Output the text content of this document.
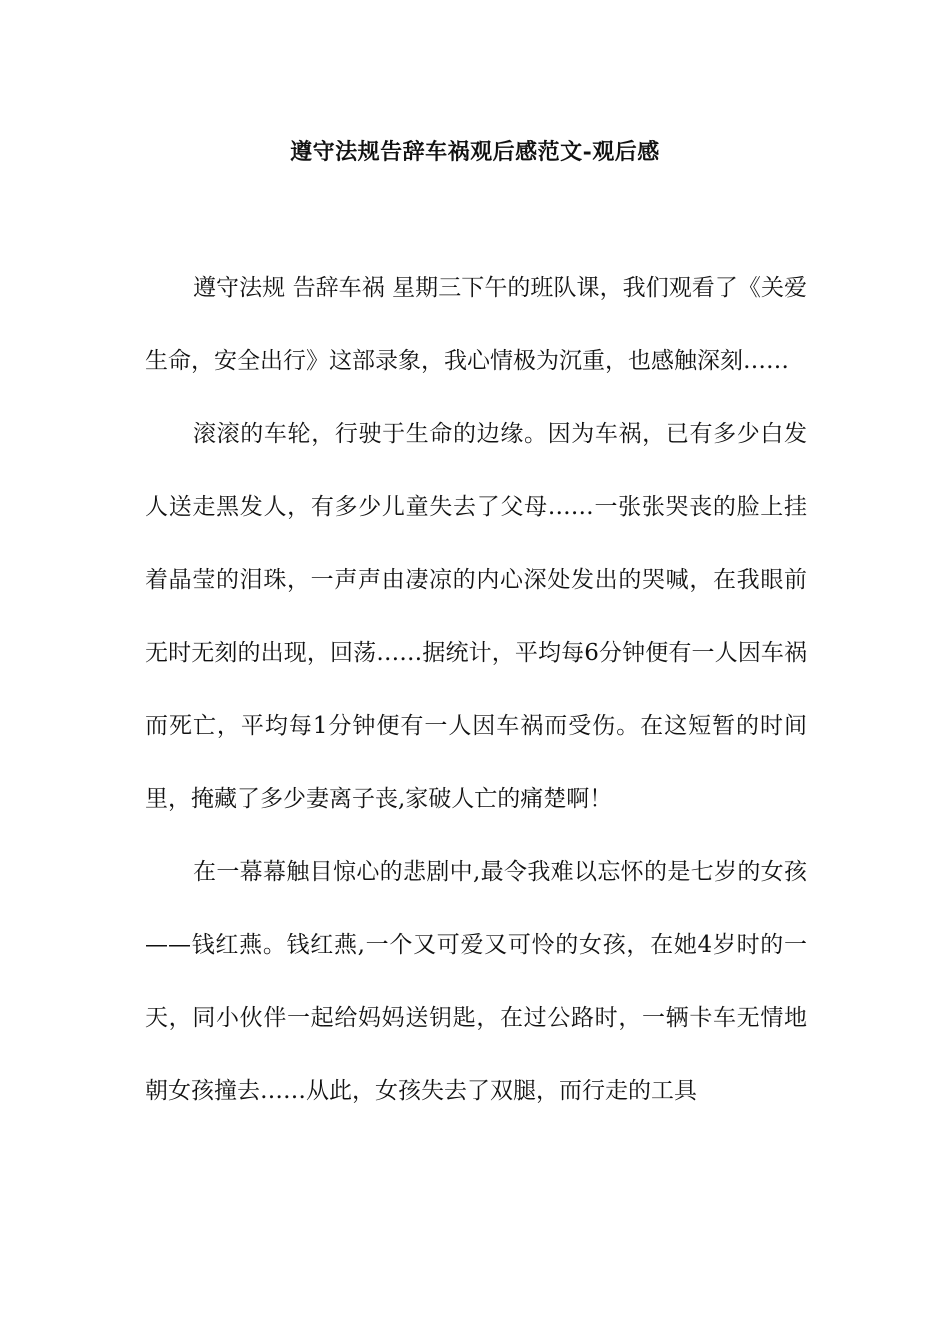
遵守法规告辞车祸观后感范文-观后感

遵守法规 告辞车祸 星期三下午的班队课，我们观看了《关爱生命，安全出行》这部录象，我心情极为沉重，也感触深刻……

滚滚的车轮，行驶于生命的边缘。因为车祸，已有多少白发人送走黑发人，有多少儿童失去了父母……一张张哭丧的脸上挂着晶莹的泪珠，一声声由凄凉的内心深处发出的哭喊，在我眼前无时无刻的出现，回荡……据统计，平均每6分钟便有一人因车祸而死亡，平均每1分钟便有一人因车祸而受伤。在这短暂的时间里，掩藏了多少妻离子丧,家破人亡的痛楚啊！

在一幕幕触目惊心的悲剧中,最令我难以忘怀的是七岁的女孩——钱红燕。钱红燕,一个又可爱又可怜的女孩，在她4岁时的一天，同小伙伴一起给妈妈送钥匙，在过公路时，一辆卡车无情地朝女孩撞去……从此，女孩失去了双腿，而行走的工具
